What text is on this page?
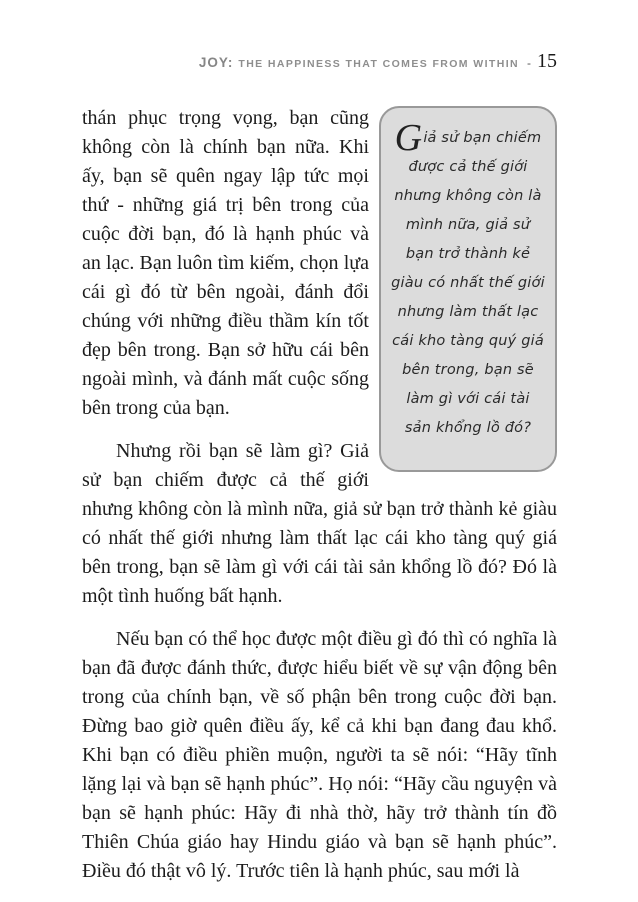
JOY: THE HAPPINESS THAT COMES FROM WITHIN - 15
Giả sử bạn chiếm được cả thế giới nhưng không còn là mình nữa, giả sử bạn trở thành kẻ giàu có nhất thế giới nhưng làm thất lạc cái kho tàng quý giá bên trong, bạn sẽ làm gì với cái tài sản khổng lồ đó?

thán phục trọng vọng, bạn cũng không còn là chính bạn nữa. Khi ấy, bạn sẽ quên ngay lập tức mọi thứ - những giá trị bên trong của cuộc đời bạn, đó là hạnh phúc và an lạc. Bạn luôn tìm kiếm, chọn lựa cái gì đó từ bên ngoài, đánh đổi chúng với những điều thầm kín tốt đẹp bên trong. Bạn sở hữu cái bên ngoài mình, và đánh mất cuộc sống bên trong của bạn.

Nhưng rồi bạn sẽ làm gì? Giả sử bạn chiếm được cả thế giới nhưng không còn là mình nữa, giả sử bạn trở thành kẻ giàu có nhất thế giới nhưng làm thất lạc cái kho tàng quý giá bên trong, bạn sẽ làm gì với cái tài sản khổng lồ đó? Đó là một tình huống bất hạnh.

Nếu bạn có thể học được một điều gì đó thì có nghĩa là bạn đã được đánh thức, được hiểu biết về sự vận động bên trong của chính bạn, về số phận bên trong cuộc đời bạn. Đừng bao giờ quên điều ấy, kể cả khi bạn đang đau khổ. Khi bạn có điều phiền muộn, người ta sẽ nói: “Hãy tĩnh lặng lại và bạn sẽ hạnh phúc”. Họ nói: “Hãy cầu nguyện và bạn sẽ hạnh phúc: Hãy đi nhà thờ, hãy trở thành tín đồ Thiên Chúa giáo hay Hindu giáo và bạn sẽ hạnh phúc”. Điều đó thật vô lý. Trước tiên là hạnh phúc, sau mới là
